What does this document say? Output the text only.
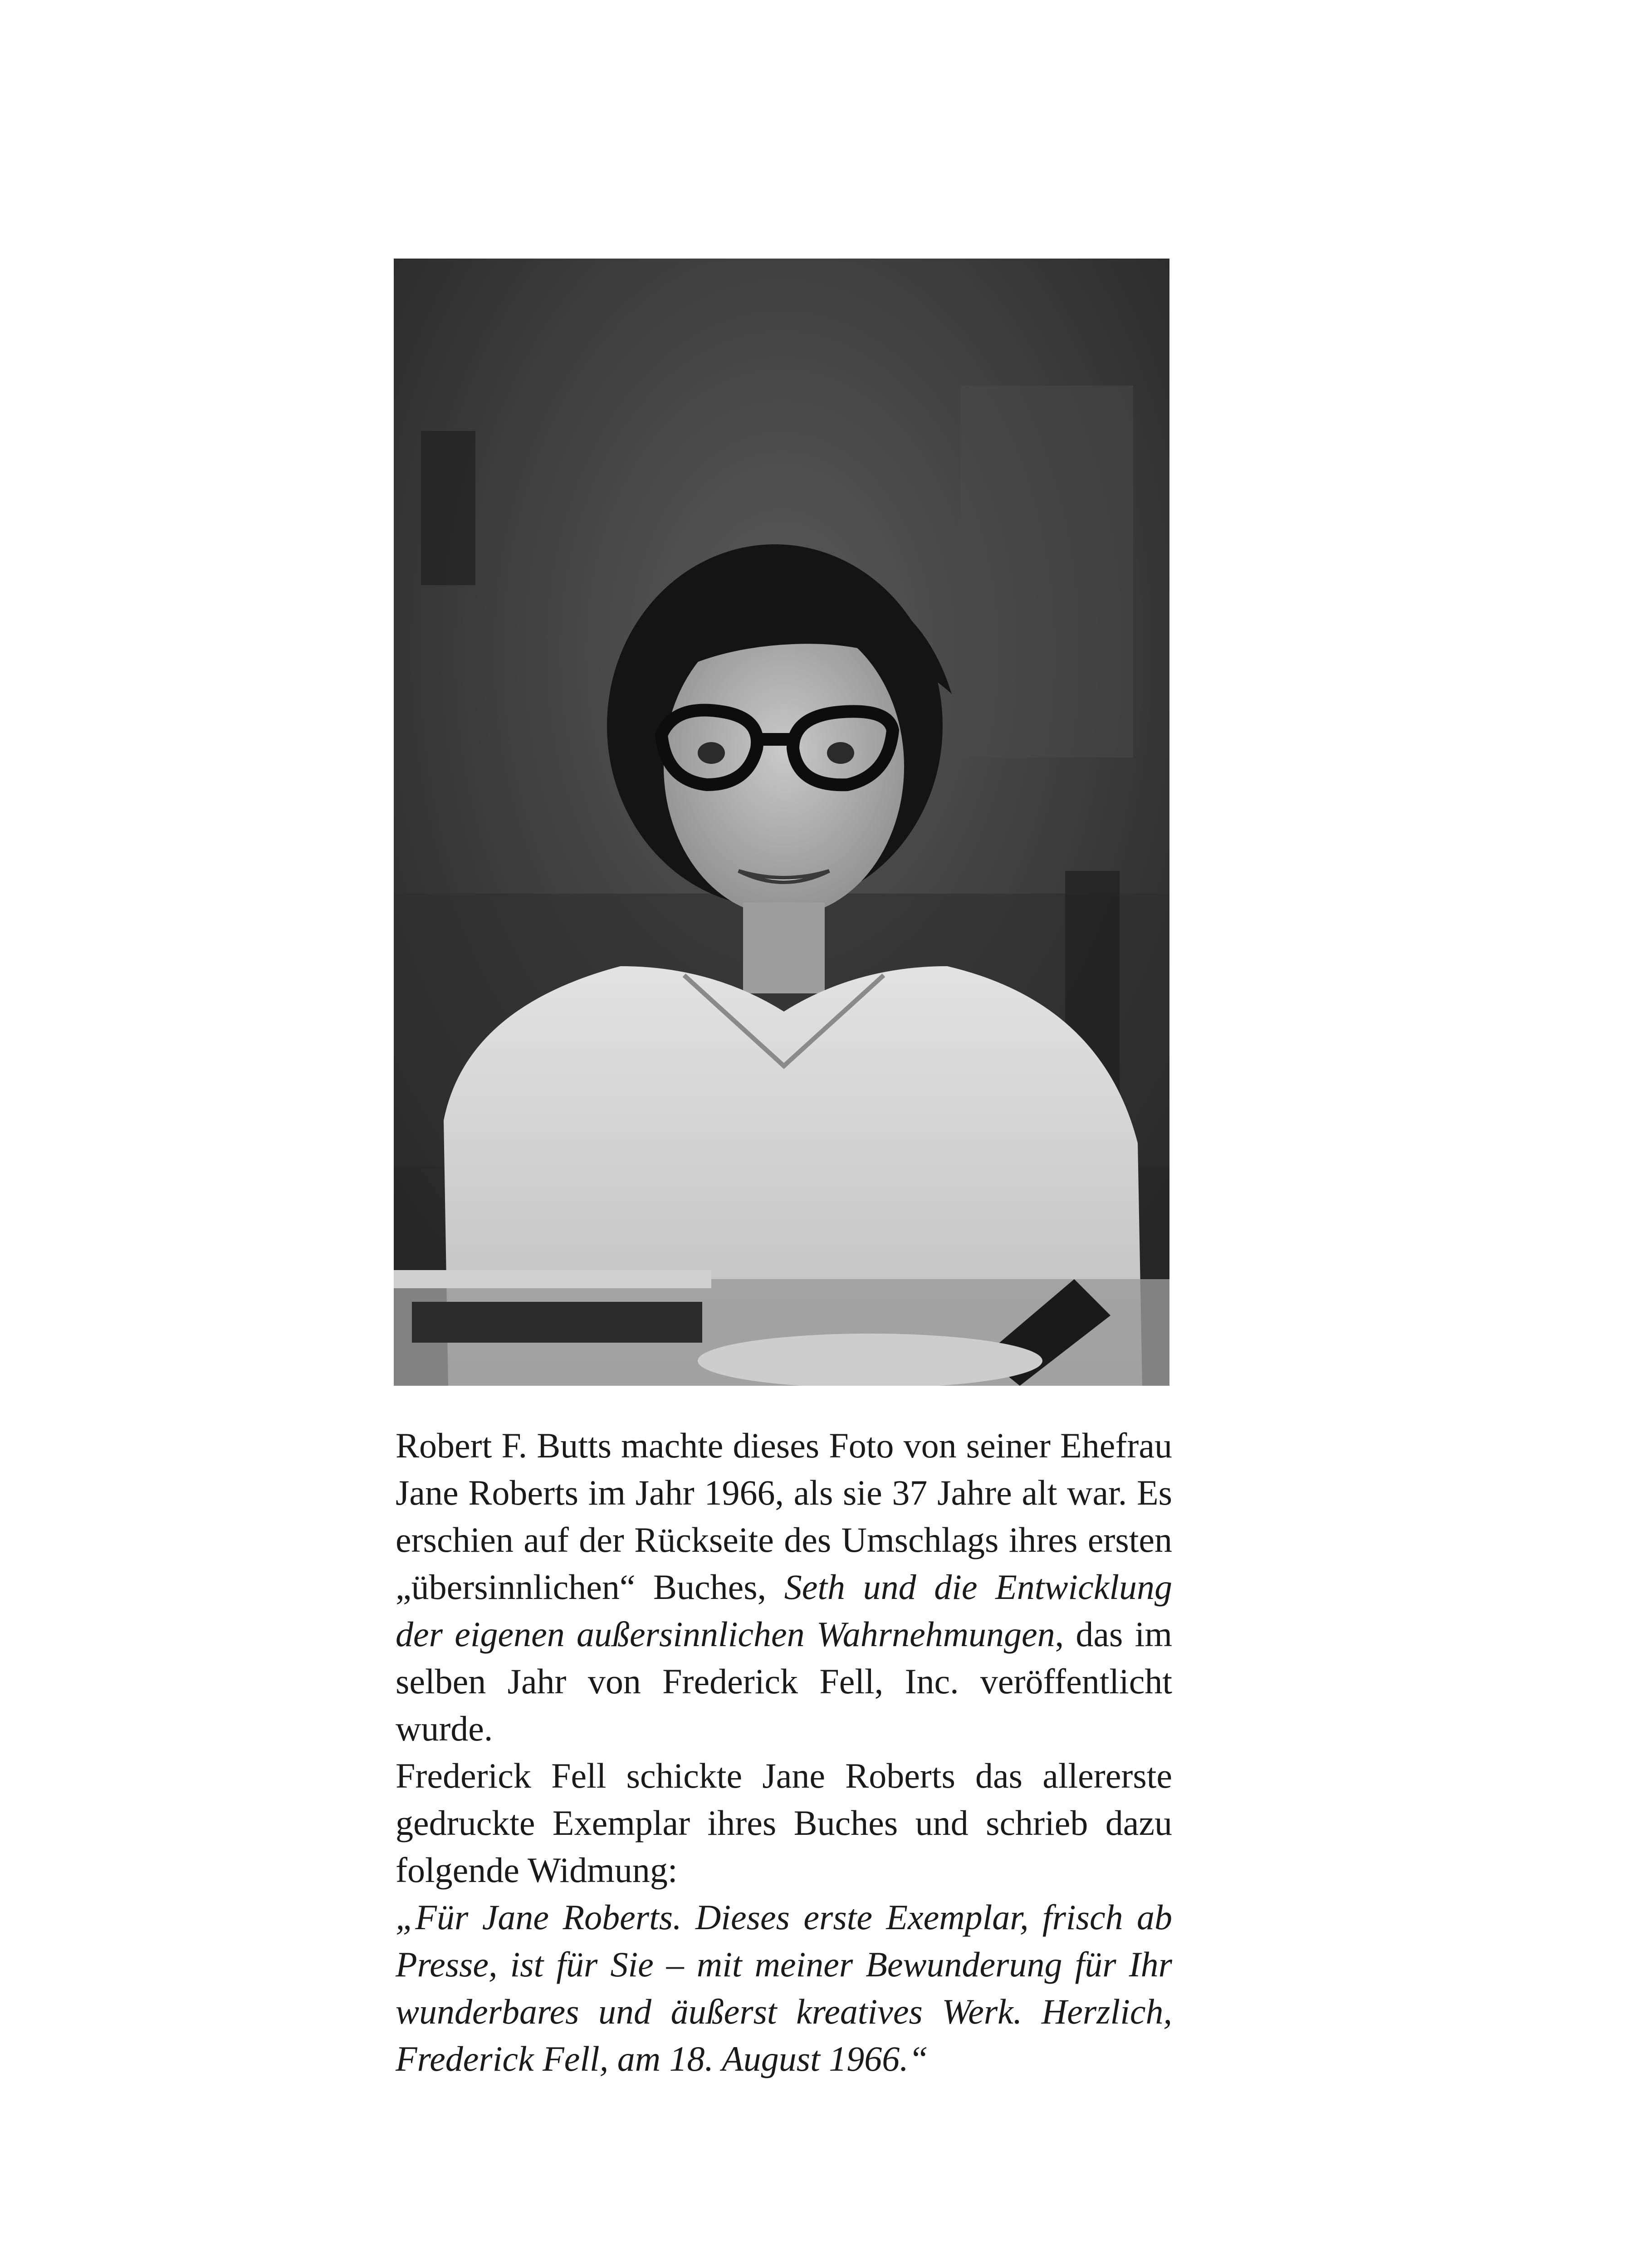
Robert F. Butts machte dieses Foto von seiner Ehefrau Jane Roberts im Jahr 1966, als sie 37 Jahre alt war. Es erschien auf der Rückseite des Umschlags ihres ersten „übersinnlichen“ Buches, Seth und die Entwicklung der eigenen außersinnlichen Wahrnehmungen, das im selben Jahr von Frederick Fell, Inc. veröffentlicht wurde.

Frederick Fell schickte Jane Roberts das allererste gedruckte Exemplar ihres Buches und schrieb dazu folgende Widmung:

„Für Jane Roberts. Dieses erste Exemplar, frisch ab Presse, ist für Sie – mit meiner Bewunderung für Ihr wunderbares und äußerst kreatives Werk. Herzlich, Frederick Fell, am 18. August 1966.“
